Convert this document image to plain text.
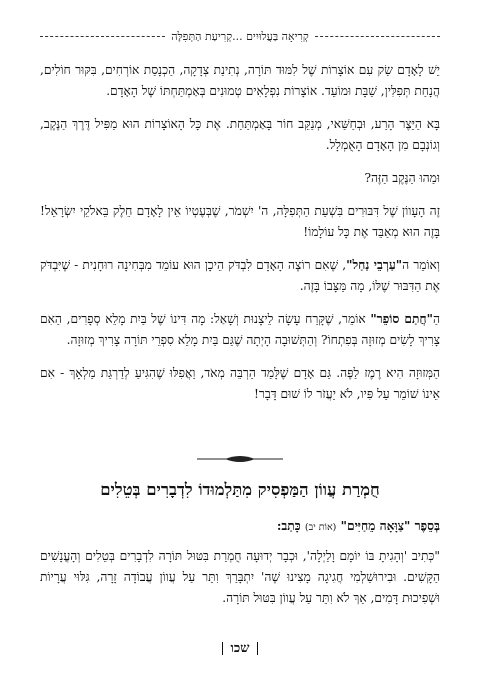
קְרִיאָה בַּעֲלוּיִים ...קְרִיעַת הַתְּפִלָּה

יֵשׁ לָאָדָם שַׂק עִם אוֹצָרוֹת שֶׁל לִמּוּד תּוֹרָה, נְתִינַת צְדָקָה, הַכְנָסַת אוֹרְחִים, בִּקּוּר חוֹלִים, הֲנָחַת תְּפִלִּין, שַׁבָּת וּמוֹעֵד. אוֹצָרוֹת נִפְלָאִים טְמוּנִים בְּאַמְתַּחְתּוֹ שֶׁל הָאָדָם.

בָּא הַיֵּצֶר הָרַע, וּבְחַשַּׁאי, מְנַקֵּב חוֹר בָּאַמְתַּחַת. אֶת כָּל הָאוֹצָרוֹת הוּא מַפִּיל דֶּרֶךְ הַנֶּקֶב, וְגוֹנְבָם מִן הָאָדָם הָאֻמְלָל.

וּמַהוּ הַנֶּקֶב הַזֶּה?

זֶה הָעָווֹן שֶׁל דִּבּוּרִים בִּשְׁעַת הַתְּפִלָּה, ה' יִשְׁמֹר, שֶׁבְּעֶטְיוֹ אֵין לָאָדָם חֵלֶק בֵּאלֹקֵי יִשְׂרָאֵל! בָּזֶה הוּא מְאַבֵּד אֶת כָּל עוֹלָמוֹ!

וְאוֹמֵר ה"עַרְבֵי נַחַל", שֶׁאִם רוֹצֶה הָאָדָם לִבְדֹּק הֵיכָן הוּא עוֹמֵד מִבְּחִינָה רוּחָנִית - שֶׁיִּבְדֹּק אֶת הַדִּבּוּר שֶׁלּוֹ, מָה מַּצָּבוֹ בָּזֶה.

הַ"חֲתַם סוֹפֵר" אוֹמֵר, שֶׁקָּרַח עָשָׂה לֵיצָנוּת וְשָׁאַל: מָה דִּינוֹ שֶׁל בַּיִת מָלֵא סְפָרִים, הַאִם צָרִיךְ לָשִׂים מְזוּזָה בְּפִתְחוֹ? וְהַתְּשׁוּבָה הָיְתָה שֶׁגַּם בַּיִת מָלֵא סִפְרֵי תּוֹרָה צָרִיךְ מְזוּזָה.

הַמְּזוּזָה הִיא רֶמֶז לַפֶּה. גַּם אָדָם שֶׁלָּמַד הַרְבֵּה מְאֹד, וַאֲפִלּוּ שֶׁהִגִּיעַ לְדַרְגַּת מַלְאָךְ - אִם אֵינוֹ שׁוֹמֵר עַל פִּיו, לֹא יַעֲזֹר לוֹ שׁוּם דָּבָר!

חֻמְרַת עֲווֹן הַמַּפְסִיק מִתַּלְמוּדוֹ לִדְבָרִים בְּטֵלִים

בְּסֵפֶר "צַוָּאָה מֵחַיִּים" (אוֹת יב) כָּתַב:

"כְּתִיב 'וְהָגִיתָ בּוֹ יוֹמָם וָלַיְלָה', וּכְבָר יְדוּעָה חֻמְרַת בִּטּוּל תּוֹרָה לִדְבָרִים בְּטֵלִים וְהָעֳנָשִׁים הַקָּשִׁים. וּבִירוּשַׁלְמִי חֲגִיגָה מָצִינוּ שֶׁה' יִתְבָּרַךְ וִתֵּר עַל עֲווֹן עֲבוֹדָה זָרָה, גִּלּוּי עֲרָיוֹת וּשְׁפִיכוּת דָּמִים, אַךְ לֹא וִתֵּר עַל עֲווֹן בִּטּוּל תּוֹרָה.

שכו
